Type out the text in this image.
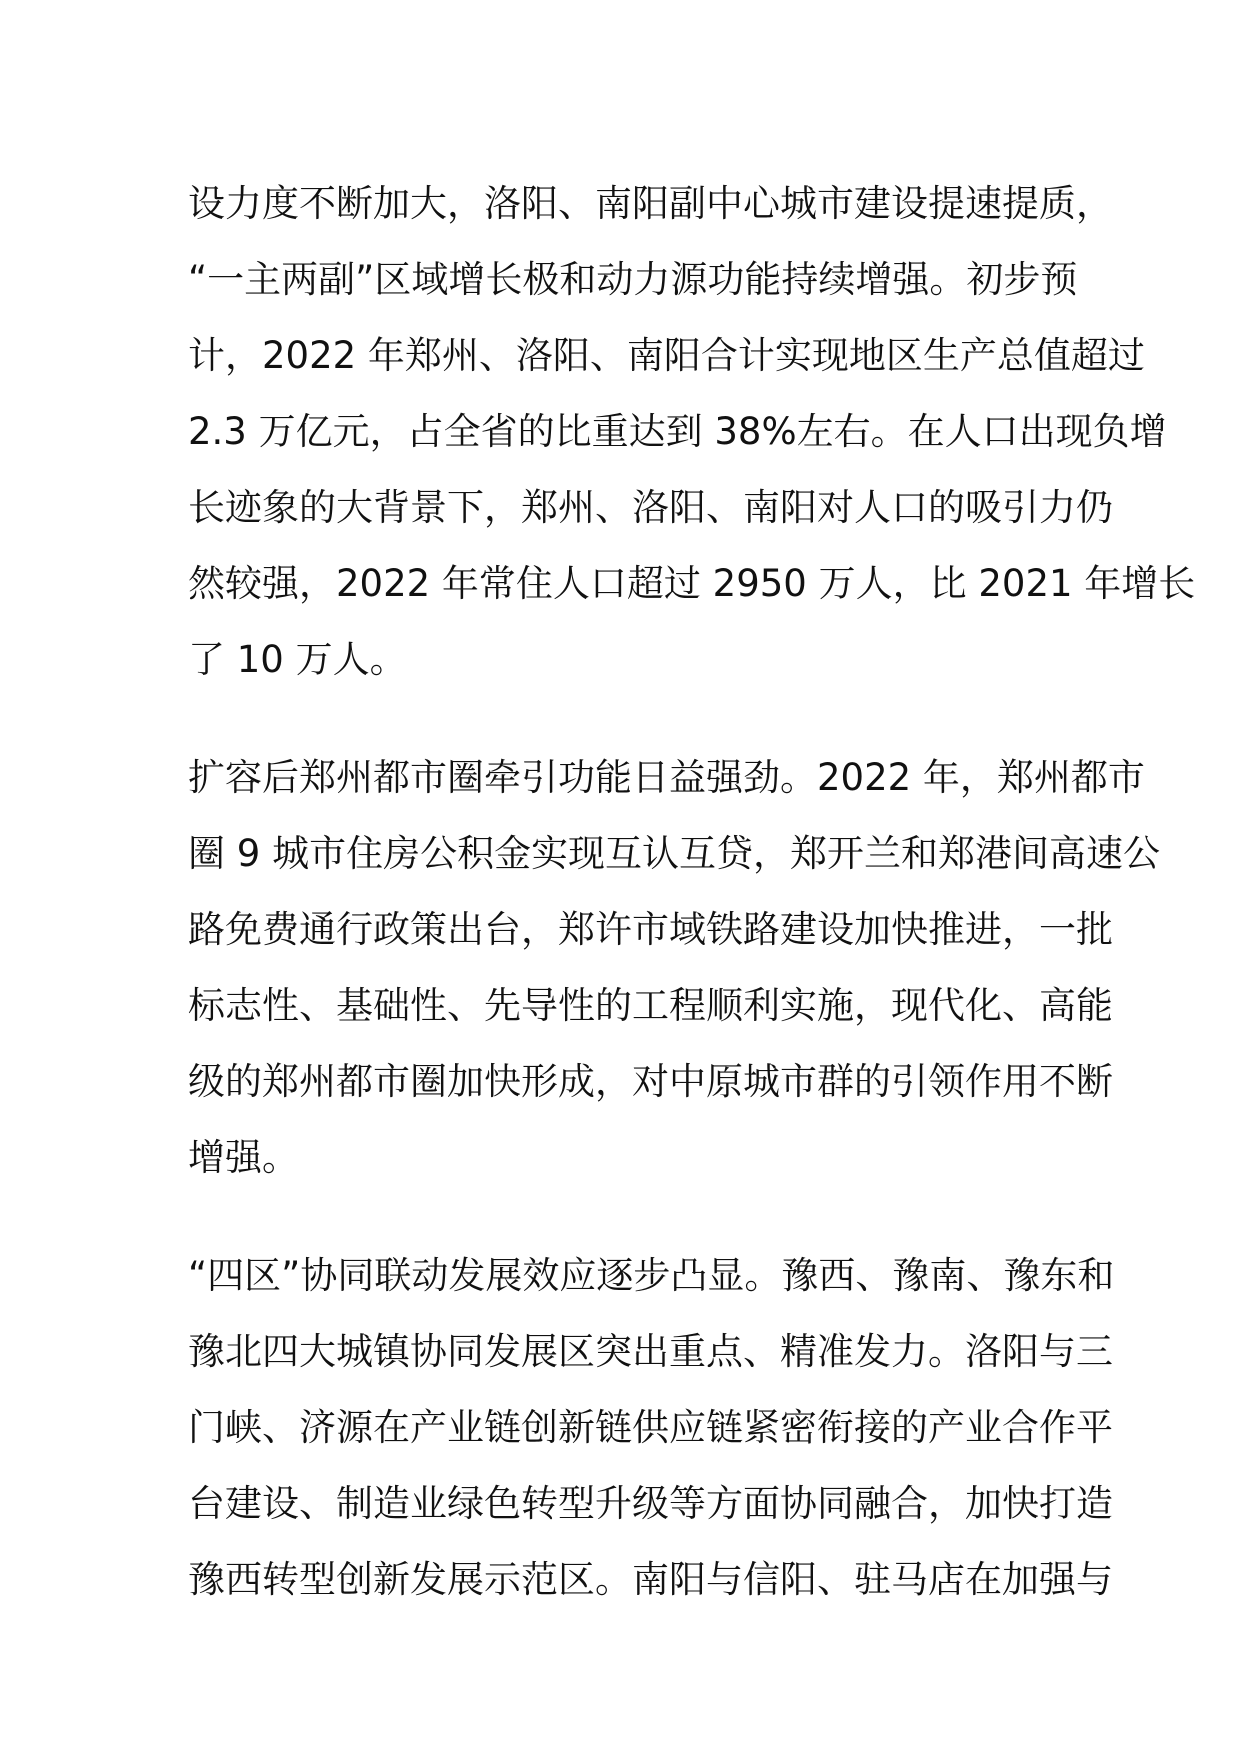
设力度不断加大，洛阳、南阳副中心城市建设提速提质，
“一主两副”区域增长极和动力源功能持续增强。初步预
计，2022 年郑州、洛阳、南阳合计实现地区生产总值超过
2.3 万亿元，占全省的比重达到 38%左右。在人口出现负增
长迹象的大背景下，郑州、洛阳、南阳对人口的吸引力仍
然较强，2022 年常住人口超过 2950 万人，比 2021 年增长
了 10 万人。
扩容后郑州都市圈牵引功能日益强劲。2022 年，郑州都市
圈 9 城市住房公积金实现互认互贷，郑开兰和郑港间高速公
路免费通行政策出台，郑许市域铁路建设加快推进，一批
标志性、基础性、先导性的工程顺利实施，现代化、高能
级的郑州都市圈加快形成，对中原城市群的引领作用不断
增强。
“四区”协同联动发展效应逐步凸显。豫西、豫南、豫东和
豫北四大城镇协同发展区突出重点、精准发力。洛阳与三
门峡、济源在产业链创新链供应链紧密衔接的产业合作平
台建设、制造业绿色转型升级等方面协同融合，加快打造
豫西转型创新发展示范区。南阳与信阳、驻马店在加强与
